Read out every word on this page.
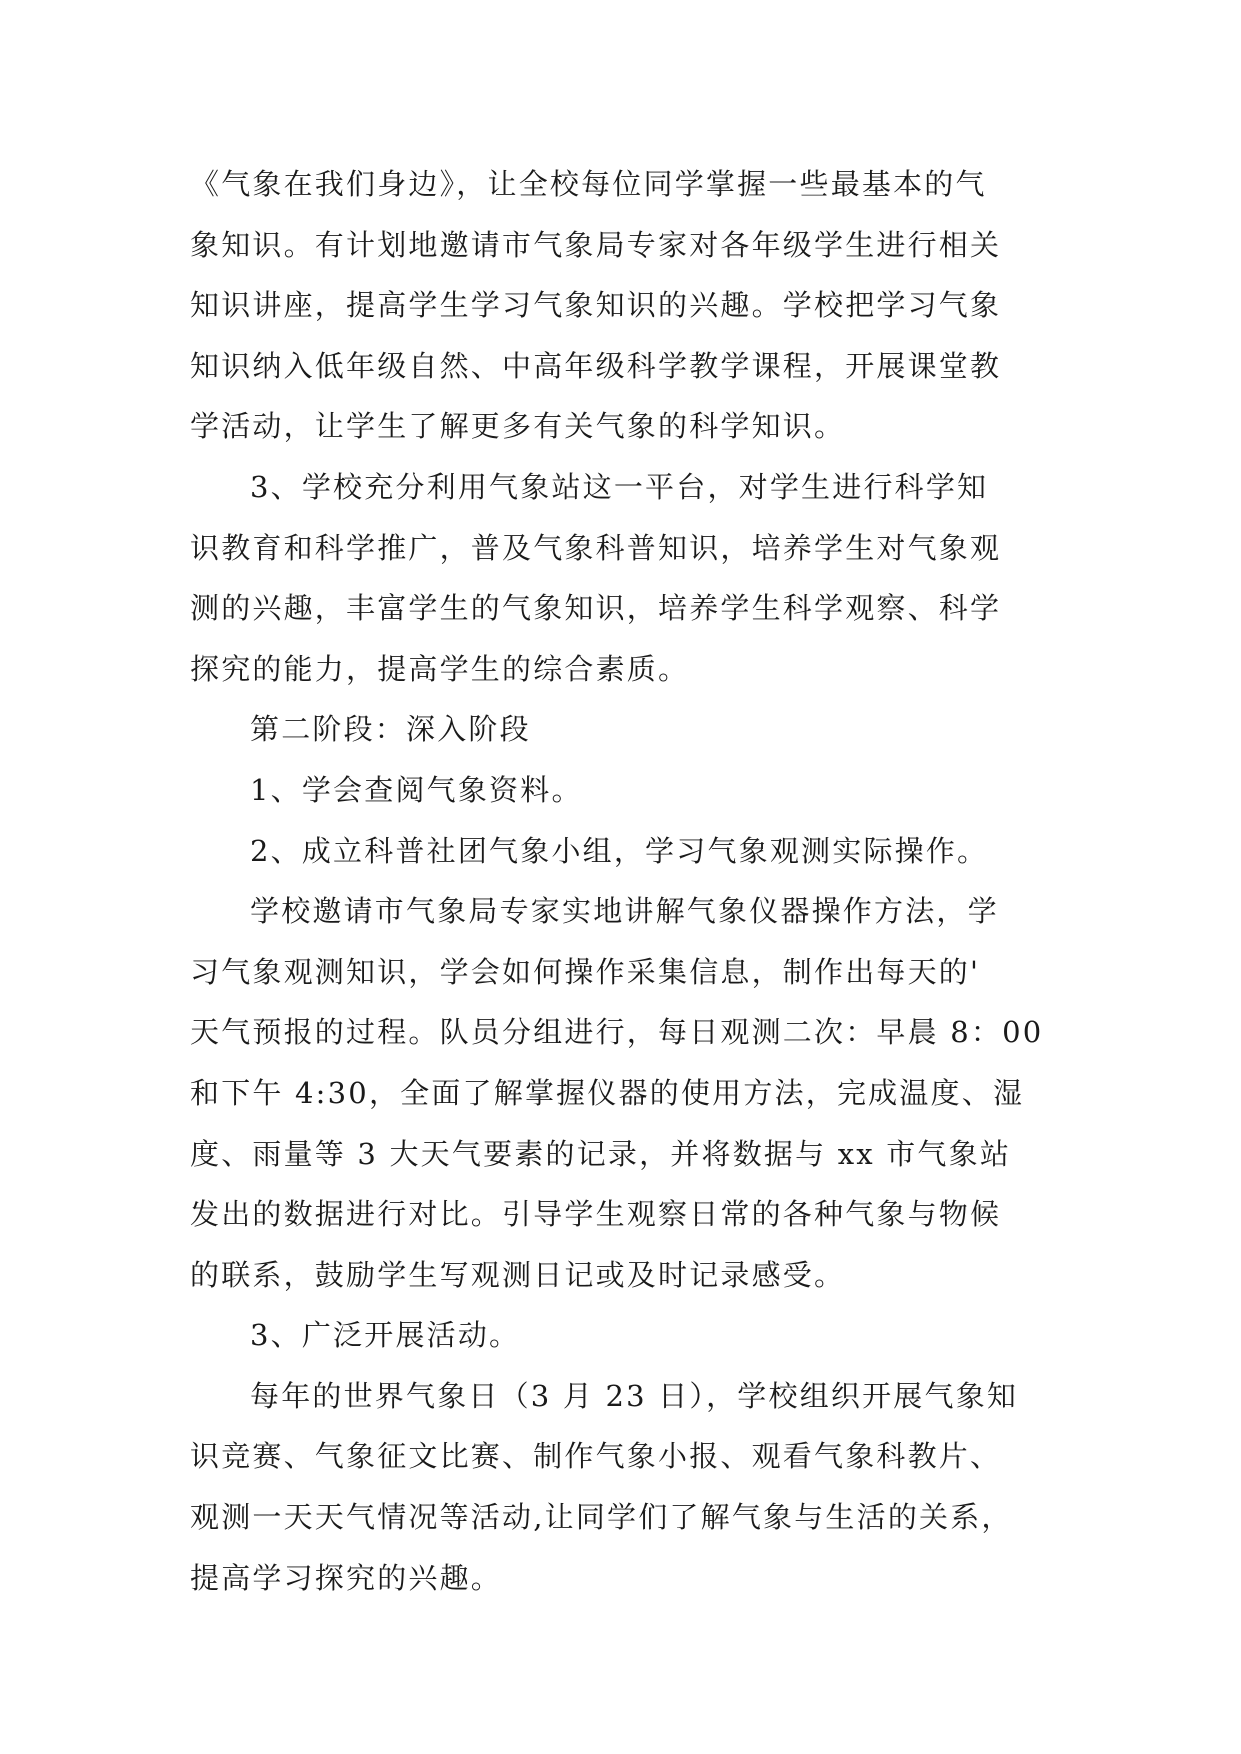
《气象在我们身边》，让全校每位同学掌握一些最基本的气
象知识。有计划地邀请市气象局专家对各年级学生进行相关
知识讲座，提高学生学习气象知识的兴趣。学校把学习气象
知识纳入低年级自然、中高年级科学教学课程，开展课堂教
学活动，让学生了解更多有关气象的科学知识。
3、学校充分利用气象站这一平台，对学生进行科学知
识教育和科学推广，普及气象科普知识，培养学生对气象观
测的兴趣，丰富学生的气象知识，培养学生科学观察、科学
探究的能力，提高学生的综合素质。
第二阶段：深入阶段
1、学会查阅气象资料。
2、成立科普社团气象小组，学习气象观测实际操作。
学校邀请市气象局专家实地讲解气象仪器操作方法，学
习气象观测知识，学会如何操作采集信息，制作出每天的'
天气预报的过程。队员分组进行，每日观测二次：早晨 8：00
和下午 4:30，全面了解掌握仪器的使用方法，完成温度、湿
度、雨量等 3 大天气要素的记录，并将数据与 xx 市气象站
发出的数据进行对比。引导学生观察日常的各种气象与物候
的联系，鼓励学生写观测日记或及时记录感受。
3、广泛开展活动。
每年的世界气象日（3 月 23 日），学校组织开展气象知
识竞赛、气象征文比赛、制作气象小报、观看气象科教片、
观测一天天气情况等活动,让同学们了解气象与生活的关系，
提高学习探究的兴趣。
